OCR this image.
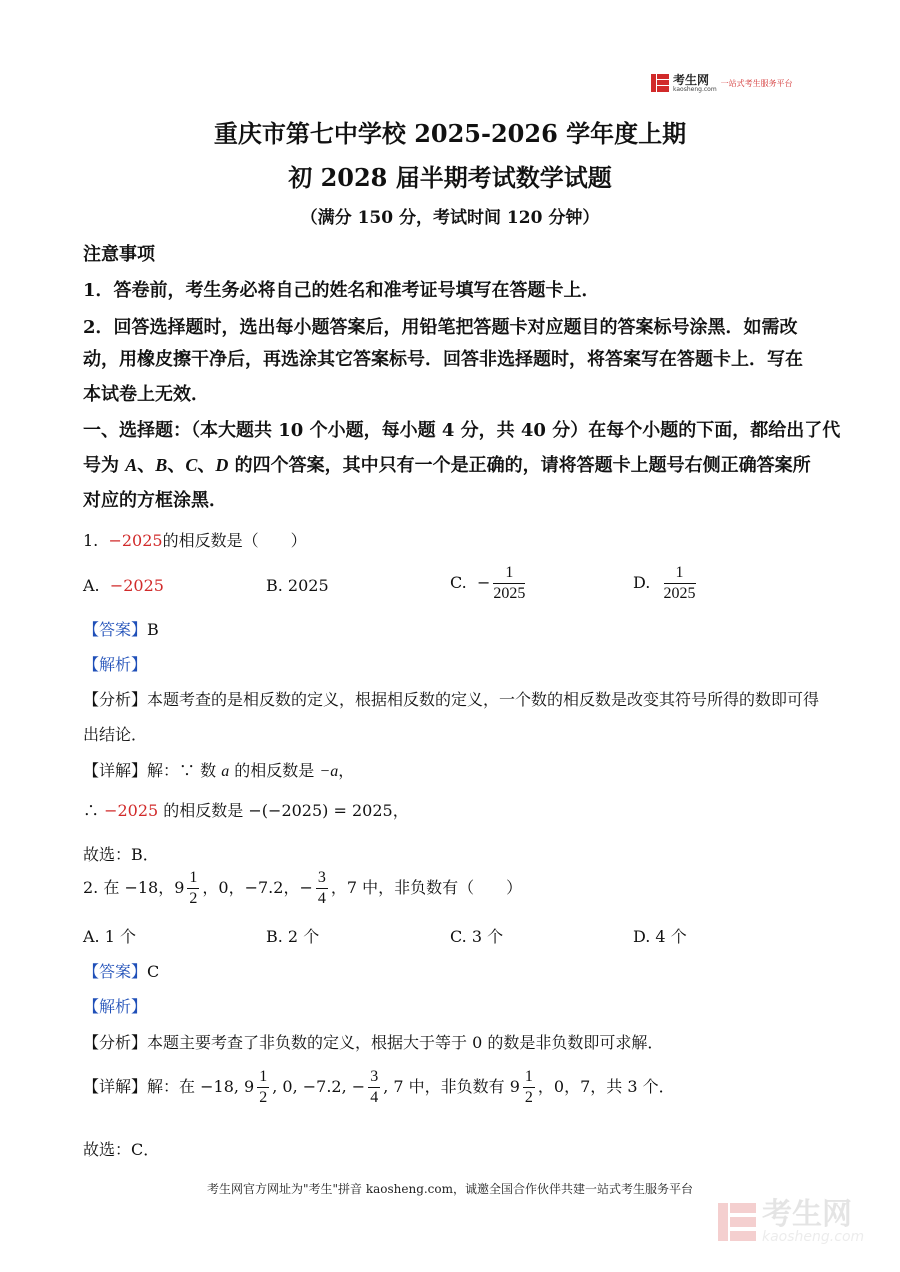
考生网
kaosheng.com
一站式考生服务平台
重庆市第七中学校 2025-2026 学年度上期
初 2028 届半期考试数学试题
（满分 150 分，考试时间 120 分钟）
注意事项
1．答卷前，考生务必将自己的姓名和准考证号填写在答题卡上．
2．回答选择题时，选出每小题答案后，用铅笔把答题卡对应题目的答案标号涂黑．如需改
动，用橡皮擦干净后，再选涂其它答案标号．回答非选择题时，将答案写在答题卡上．写在
本试卷上无效．
一、选择题：（本大题共 10 个小题，每小题 4 分，共 40 分）在每个小题的下面，都给出了代
号为 A、B、C、D 的四个答案，其中只有一个是正确的，请将答题卡上题号右侧正确答案所
对应的方框涂黑．
1. −2025的相反数是（　　）
A. −2025	B. 2025	C. − $\frac{1}{2025}$	D. $\frac{1}{2025}$
【答案】B
【解析】
【分析】本题考查的是相反数的定义，根据相反数的定义，一个数的相反数是改变其符号所得的数即可得
出结论．
【详解】解：∵ 数 a 的相反数是 −a，
∴ −2025 的相反数是 −(−2025) = 2025，
故选：B．
2. 在 −18，$9 \frac{1}{2}$ ，0，−7.2，− $\frac{3}{4}$ ，7 中，非负数有（　　）
A. 1 个	B. 2 个	C. 3 个	D. 4 个
【答案】C
【解析】
【分析】本题主要考查了非负数的定义，根据大于等于 0 的数是非负数即可求解．
【详解】解：在 −18, $9 \frac{1}{2}$ , 0, −7.2, − $\frac{3}{4}$ , 7 中，非负数有 $9 \frac{1}{2}$ ，0，7，共 3 个．
故选：C．
考生网官方网址为"考生"拼音 kaosheng.com，诚邀全国合作伙伴共建一站式考生服务平台
考生网
kaosheng.com
